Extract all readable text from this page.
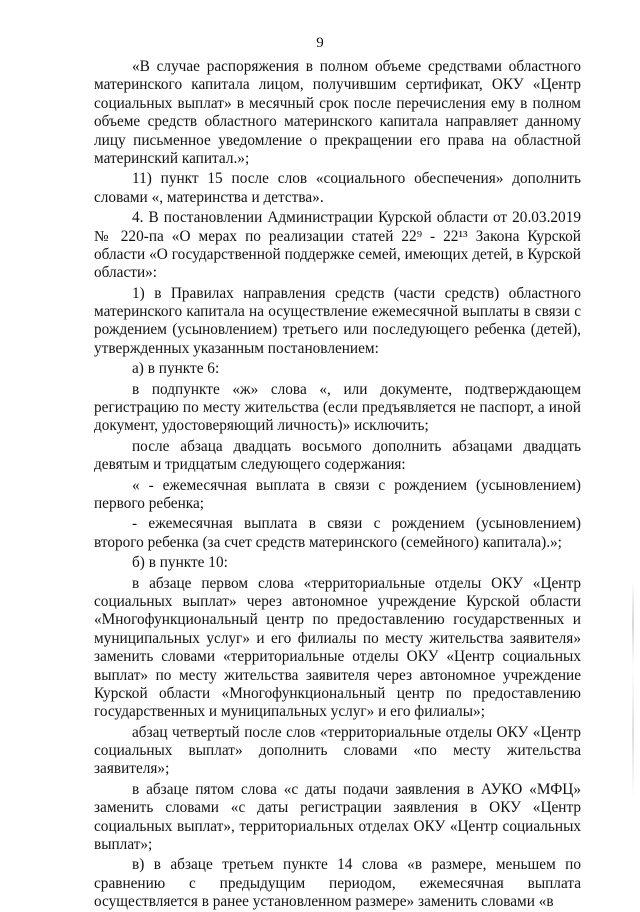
9
«В случае распоряжения в полном объеме средствами областного
материнского капитала лицом, получившим сертификат, ОКУ «Центр
социальных выплат» в месячный срок после перечисления ему в полном
объеме средств областного материнского капитала направляет данному
лицу письменное уведомление о прекращении его права на областной
материнский капитал.»;
11) пункт 15 после слов «социального обеспечения» дополнить
словами «, материнства и детства».
4. В постановлении Администрации Курской области от 20.03.2019
№ 220-па «О мерах по реализации статей 22⁹ - 22¹³ Закона Курской
области «О государственной поддержке семей, имеющих детей, в Курской
области»:
1) в Правилах направления средств (части средств) областного
материнского капитала на осуществление ежемесячной выплаты в связи с
рождением (усыновлением) третьего или последующего ребенка (детей),
утвержденных указанным постановлением:
а) в пункте 6:
в подпункте «ж» слова «, или документе, подтверждающем
регистрацию по месту жительства (если предъявляется не паспорт, а иной
документ, удостоверяющий личность)» исключить;
после абзаца двадцать восьмого дополнить абзацами двадцать
девятым и тридцатым следующего содержания:
« - ежемесячная выплата в связи с рождением (усыновлением)
первого ребенка;
- ежемесячная выплата в связи с рождением (усыновлением)
второго ребенка (за счет средств материнского (семейного) капитала).»;
б) в пункте 10:
в абзаце первом слова «территориальные отделы ОКУ «Центр
социальных выплат» через автономное учреждение Курской области
«Многофункциональный центр по предоставлению государственных и
муниципальных услуг» и его филиалы по месту жительства заявителя»
заменить словами «территориальные отделы ОКУ «Центр социальных
выплат» по месту жительства заявителя через автономное учреждение
Курской области «Многофункциональный центр по предоставлению
государственных и муниципальных услуг» и его филиалы»;
абзац четвертый после слов «территориальные отделы ОКУ «Центр
социальных выплат» дополнить словами «по месту жительства
заявителя»;
в абзаце пятом слова «с даты подачи заявления в АУКО «МФЦ»
заменить словами «с даты регистрации заявления в ОКУ «Центр
социальных выплат», территориальных отделах ОКУ «Центр социальных
выплат»;
в) в абзаце третьем пункте 14 слова «в размере, меньшем по
сравнению с предыдущим периодом, ежемесячная выплата
осуществляется в ранее установленном размере» заменить словами «в
